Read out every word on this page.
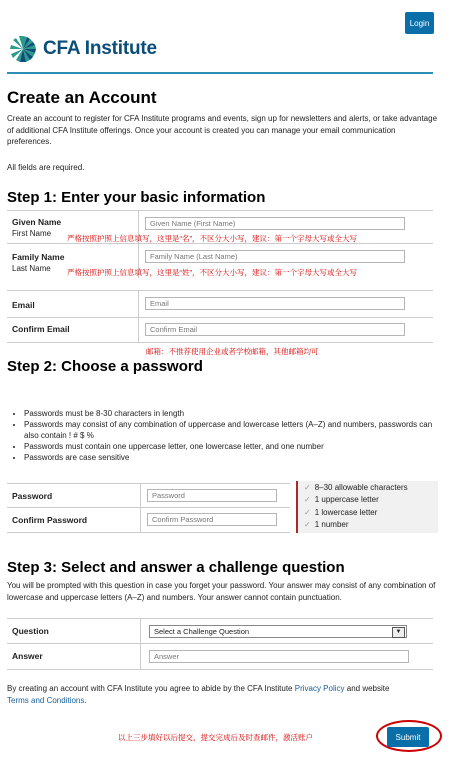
Login
CFA Institute
Create an Account
Create an account to register for CFA Institute programs and events, sign up for newsletters and alerts, or take advantage of additional CFA Institute offerings. Once your account is created you can manage your email communication preferences.
All fields are required.
Step 1: Enter your basic information
Given Name
First Name
Given Name (First Name)
严格按照护照上信息填写，这里是“名”，不区分大小写，建议：第一个字母大写或全大写
Family Name
Last Name
Family Name (Last Name)
严格按照护照上信息填写，这里是“姓”，不区分大小写，建议：第一个字母大写或全大写
Email	Email
Confirm Email	Confirm Email
邮箱：不推荐使用企业或者学校邮箱，其他邮箱均可
Step 2: Choose a password
• Passwords must be 8-30 characters in length
• Passwords may consist of any combination of uppercase and lowercase letters (A–Z) and numbers, passwords can also contain ! # $ %
• Passwords must contain one uppercase letter, one lowercase letter, and one number
• Passwords are case sensitive
Password	Password
Confirm Password	Confirm Password
✓ 8–30 allowable characters
✓ 1 uppercase letter
✓ 1 lowercase letter
✓ 1 number
Step 3: Select and answer a challenge question
You will be prompted with this question in case you forget your password. Your answer may consist of any combination of lowercase and uppercase letters (A–Z) and numbers. Your answer cannot contain punctuation.
Question	Select a Challenge Question	▼
Answer	Answer
By creating an account with CFA Institute you agree to abide by the CFA Institute Privacy Policy and website
Terms and Conditions.
以上三步填好以后提交，提交完成后及时查邮件，激活账户	Submit
